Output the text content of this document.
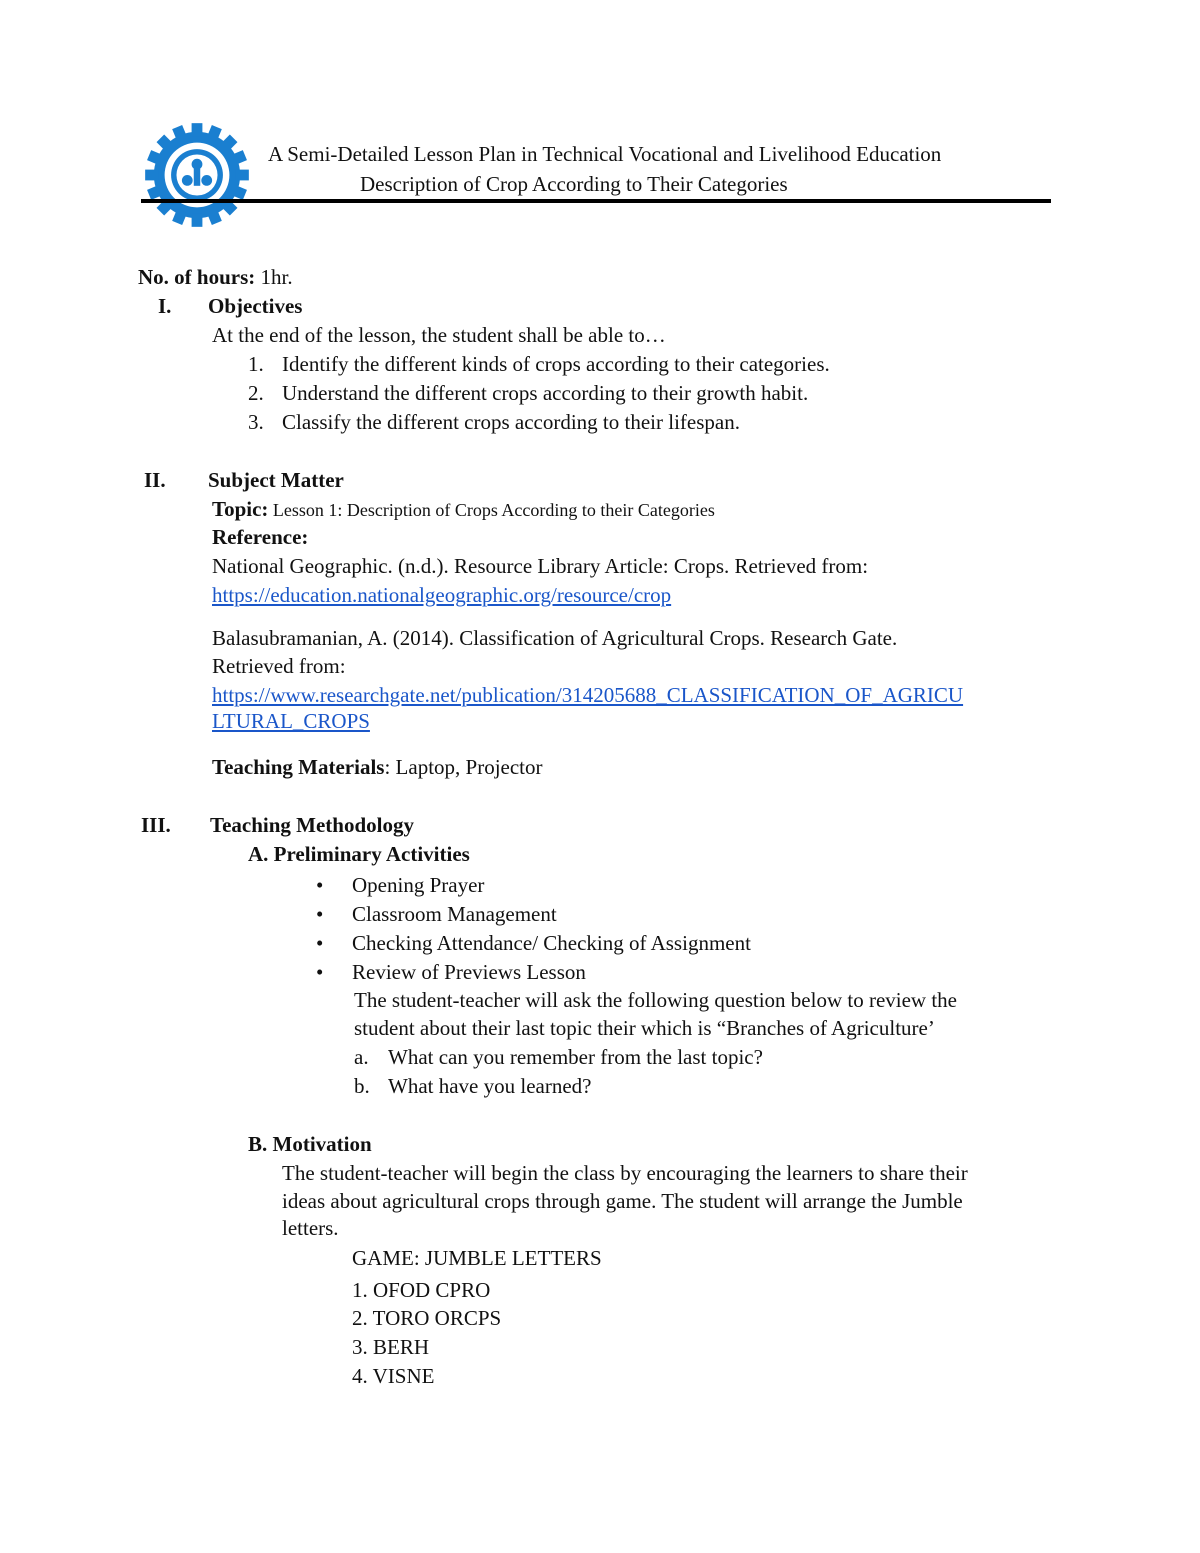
A Semi-Detailed Lesson Plan in Technical Vocational and Livelihood Education
Description of Crop According to Their Categories
No. of hours: 1hr.
I. Objectives
At the end of the lesson, the student shall be able to…
1. Identify the different kinds of crops according to their categories.
2. Understand the different crops according to their growth habit.
3. Classify the different crops according to their lifespan.
II. Subject Matter
Topic: Lesson 1: Description of Crops According to their Categories
Reference:
National Geographic. (n.d.). Resource Library Article: Crops. Retrieved from:
https://education.nationalgeographic.org/resource/crop
Balasubramanian, A. (2014). Classification of Agricultural Crops. Research Gate.
Retrieved from:
https://www.researchgate.net/publication/314205688_CLASSIFICATION_OF_AGRICU
LTURAL_CROPS
Teaching Materials: Laptop, Projector
III. Teaching Methodology
A. Preliminary Activities
• Opening Prayer
• Classroom Management
• Checking Attendance/ Checking of Assignment
• Review of Previews Lesson
The student-teacher will ask the following question below to review the
student about their last topic their which is “Branches of Agriculture’
a. What can you remember from the last topic?
b. What have you learned?
B. Motivation
The student-teacher will begin the class by encouraging the learners to share their
ideas about agricultural crops through game. The student will arrange the Jumble
letters.
GAME: JUMBLE LETTERS
1. OFOD CPRO
2. TORO ORCPS
3. BERH
4. VISNE
